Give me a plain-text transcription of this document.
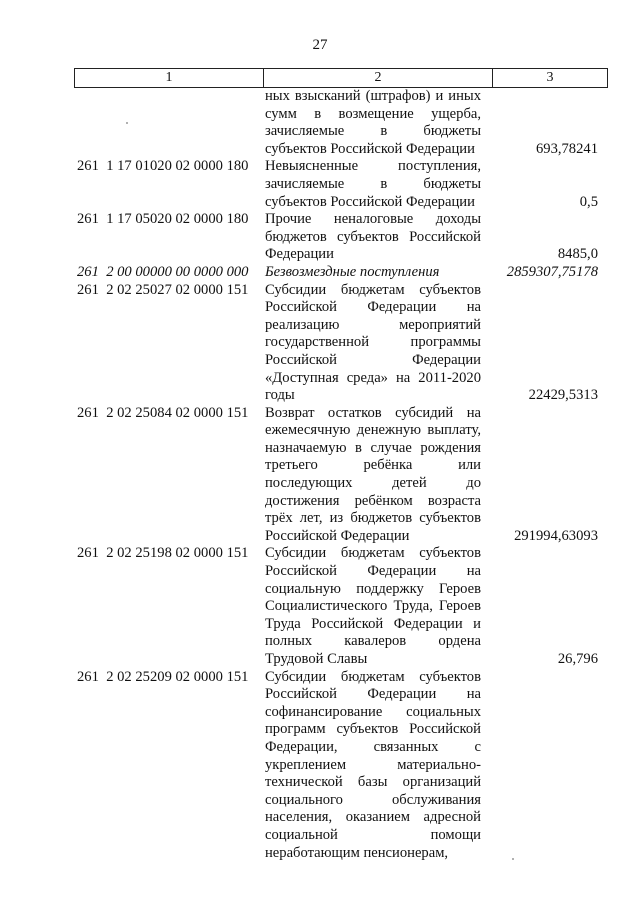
27
1	2	3
ных взысканий (штрафов) и иных сумм в возмещение ущерба, зачисляемые в бюджеты субъектов Российской Федерации	693,78241
261  1 17 01020 02 0000 180	Невыясненные поступления, зачисляемые в бюджеты субъектов Российской Федерации	0,5
261  1 17 05020 02 0000 180	Прочие неналоговые доходы бюджетов субъектов Российской Федерации	8485,0
261  2 00 00000 00 0000 000	Безвозмездные поступления	2859307,75178
261  2 02 25027 02 0000 151	Субсидии бюджетам субъектов Российской Федерации на реализацию мероприятий государственной программы Российской Федерации «Доступная среда» на 2011-2020 годы	22429,5313
261  2 02 25084 02 0000 151	Возврат остатков субсидий на ежемесячную денежную выплату, назначаемую в случае рождения третьего ребёнка или последующих детей до достижения ребёнком возраста трёх лет, из бюджетов субъектов Российской Федерации	291994,63093
261  2 02 25198 02 0000 151	Субсидии бюджетам субъектов Российской Федерации на социальную поддержку Героев Социалистического Труда, Героев Труда Российской Федерации и полных кавалеров ордена Трудовой Славы	26,796
261  2 02 25209 02 0000 151	Субсидии бюджетам субъектов Российской Федерации на софинансирование социальных программ субъектов Российской Федерации, связанных с укреплением материально-технической базы организаций социального обслуживания населения, оказанием адресной социальной помощи неработающим пенсионерам,
